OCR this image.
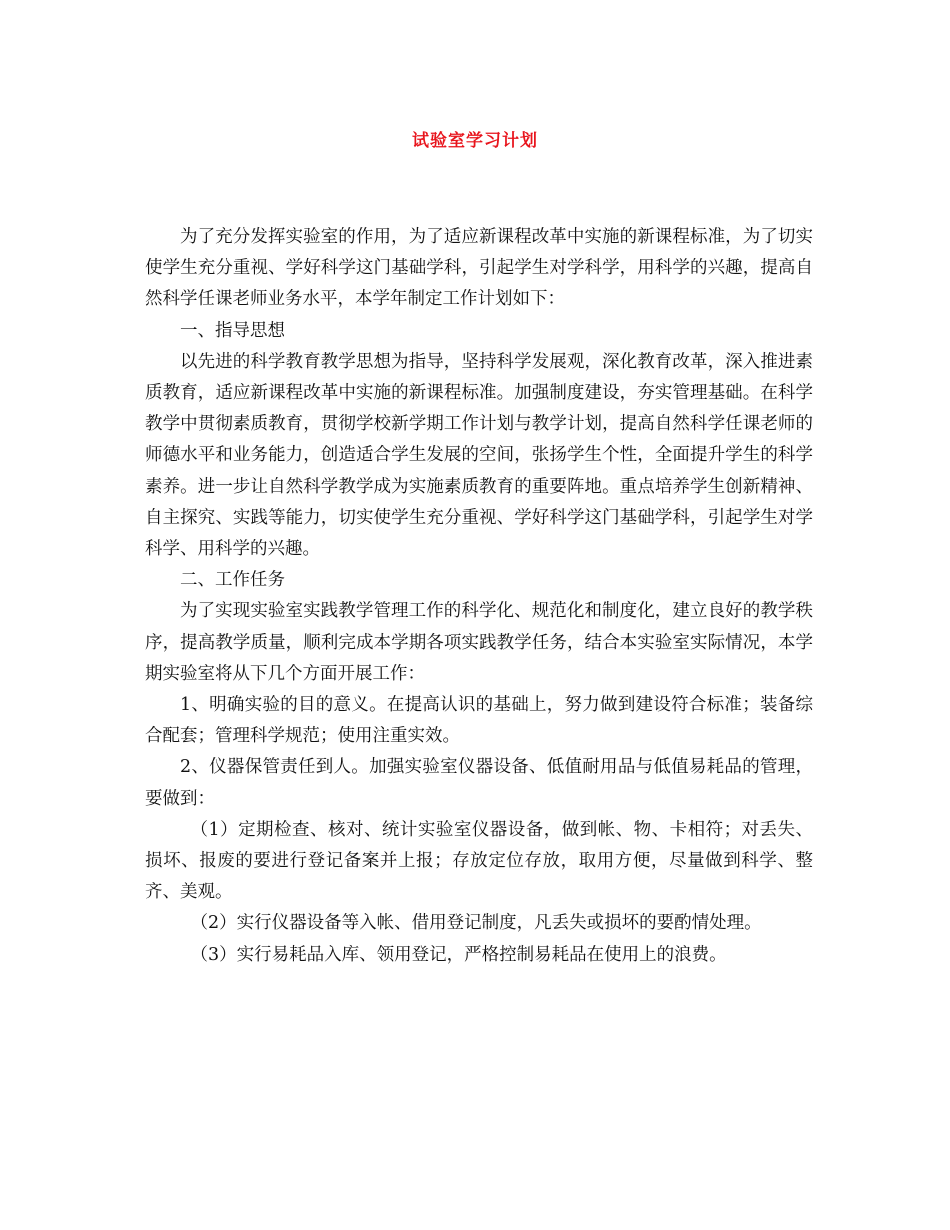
试验室学习计划

为了充分发挥实验室的作用，为了适应新课程改革中实施的新课程标准，为了切实使学生充分重视、学好科学这门基础学科，引起学生对学科学，用科学的兴趣，提高自然科学任课老师业务水平，本学年制定工作计划如下：

一、指导思想

以先进的科学教育教学思想为指导，坚持科学发展观，深化教育改革，深入推进素质教育，适应新课程改革中实施的新课程标准。加强制度建设，夯实管理基础。在科学教学中贯彻素质教育，贯彻学校新学期工作计划与教学计划，提高自然科学任课老师的师德水平和业务能力，创造适合学生发展的空间，张扬学生个性，全面提升学生的科学素养。进一步让自然科学教学成为实施素质教育的重要阵地。重点培养学生创新精神、自主探究、实践等能力，切实使学生充分重视、学好科学这门基础学科，引起学生对学科学、用科学的兴趣。

二、工作任务

为了实现实验室实践教学管理工作的科学化、规范化和制度化，建立良好的教学秩序，提高教学质量，顺利完成本学期各项实践教学任务，结合本实验室实际情况，本学期实验室将从下几个方面开展工作：

1、明确实验的目的意义。在提高认识的基础上，努力做到建设符合标准；装备综合配套；管理科学规范；使用注重实效。

2、仪器保管责任到人。加强实验室仪器设备、低值耐用品与低值易耗品的管理，要做到：

（1）定期检查、核对、统计实验室仪器设备，做到帐、物、卡相符；对丢失、损坏、报废的要进行登记备案并上报；存放定位存放，取用方便，尽量做到科学、整齐、美观。

（2）实行仪器设备等入帐、借用登记制度，凡丢失或损坏的要酌情处理。

（3）实行易耗品入库、领用登记，严格控制易耗品在使用上的浪费。
